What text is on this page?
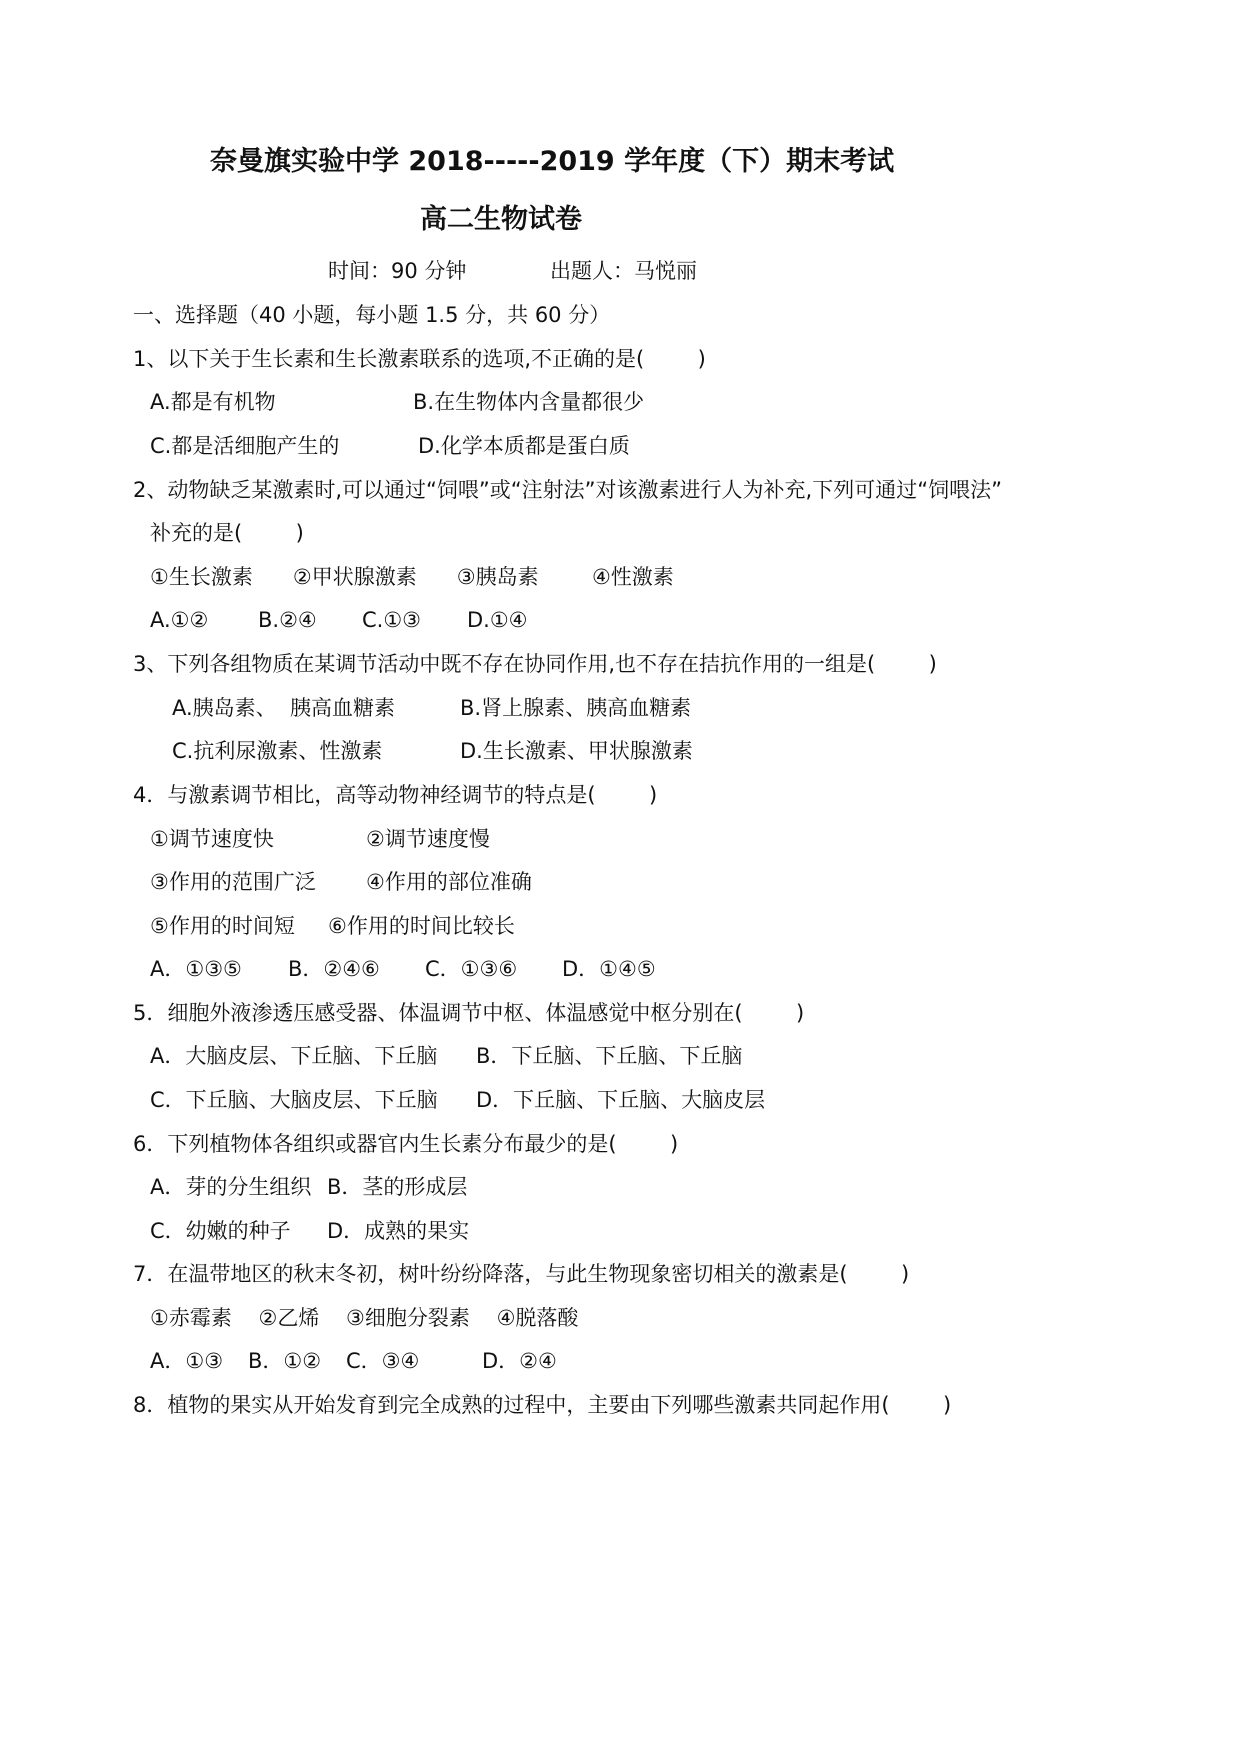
奈曼旗实验中学 2018-----2019 学年度（下）期末考试
高二生物试卷
时间：90 分钟	出题人：马悦丽
一、选择题（40 小题，每小题 1.5 分，共 60 分）
1、以下关于生长素和生长激素联系的选项,不正确的是(        )
A.都是有机物	B.在生物体内含量都很少
C.都是活细胞产生的	D.化学本质都是蛋白质
2、动物缺乏某激素时,可以通过“饲喂”或“注射法”对该激素进行人为补充,下列可通过“饲喂法”
补充的是(        )
①生长激素      ②甲状腺激素      ③胰岛素        ④性激素
A.①② B.②④ C.①③ D.①④
3、下列各组物质在某调节活动中既不存在协同作用,也不存在拮抗作用的一组是(        )
A.胰岛素、  胰高血糖素	B.肾上腺素、胰高血糖素
C.抗利尿激素、性激素	D.生长激素、甲状腺激素
4．与激素调节相比，高等动物神经调节的特点是(        )
①调节速度快	②调节速度慢
③作用的范围广泛 ④作用的部位准确
⑤作用的时间短 ⑥作用的时间比较长
A．①③⑤ B．②④⑥ C．①③⑥ D．①④⑤
5．细胞外液渗透压感受器、体温调节中枢、体温感觉中枢分别在(        )
A．大脑皮层、下丘脑、下丘脑 B．下丘脑、下丘脑、下丘脑
C．下丘脑、大脑皮层、下丘脑 D．下丘脑、下丘脑、大脑皮层
6．下列植物体各组织或器官内生长素分布最少的是(        )
A．芽的分生组织 B．茎的形成层
C．幼嫩的种子 D．成熟的果实
7．在温带地区的秋末冬初，树叶纷纷降落，与此生物现象密切相关的激素是(        )
①赤霉素    ②乙烯    ③细胞分裂素    ④脱落酸
A．①③ B．①② C．③④	D．②④
8．植物的果实从开始发育到完全成熟的过程中，主要由下列哪些激素共同起作用(        )
